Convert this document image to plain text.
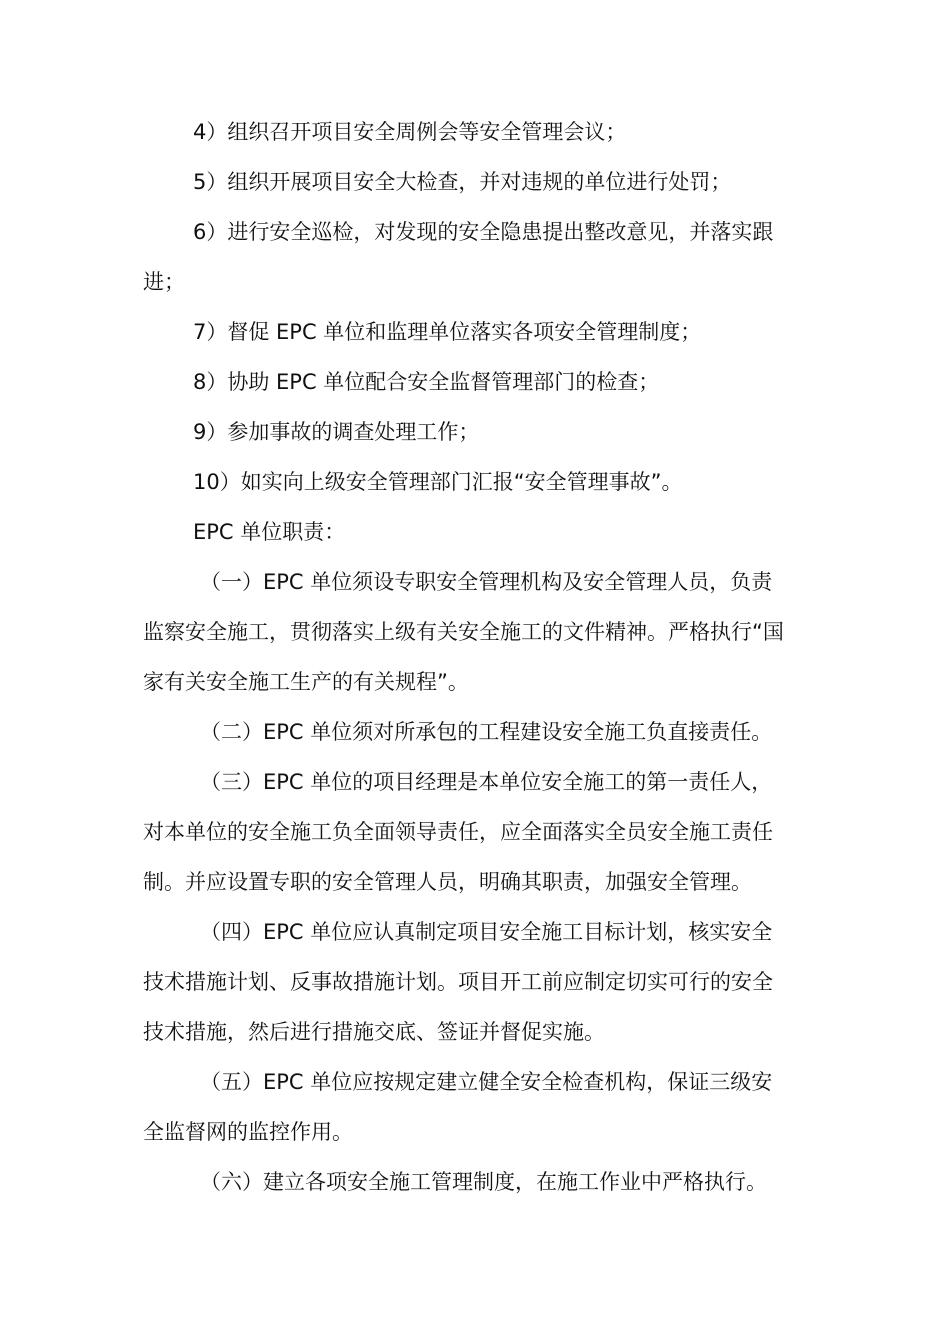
4）组织召开项目安全周例会等安全管理会议；
5）组织开展项目安全大检查，并对违规的单位进行处罚；
6）进行安全巡检，对发现的安全隐患提出整改意见，并落实跟
进；
7）督促 EPC 单位和监理单位落实各项安全管理制度；
8）协助 EPC 单位配合安全监督管理部门的检查；
9）参加事故的调查处理工作；
10）如实向上级安全管理部门汇报“安全管理事故”。
EPC 单位职责：
（一）EPC 单位须设专职安全管理机构及安全管理人员，负责
监察安全施工，贯彻落实上级有关安全施工的文件精神。严格执行“国
家有关安全施工生产的有关规程”。
（二）EPC 单位须对所承包的工程建设安全施工负直接责任。
（三）EPC 单位的项目经理是本单位安全施工的第一责任人，
对本单位的安全施工负全面领导责任，应全面落实全员安全施工责任
制。并应设置专职的安全管理人员，明确其职责，加强安全管理。
（四）EPC 单位应认真制定项目安全施工目标计划，核实安全
技术措施计划、反事故措施计划。项目开工前应制定切实可行的安全
技术措施，然后进行措施交底、签证并督促实施。
（五）EPC 单位应按规定建立健全安全检查机构，保证三级安
全监督网的监控作用。
（六）建立各项安全施工管理制度，在施工作业中严格执行。
